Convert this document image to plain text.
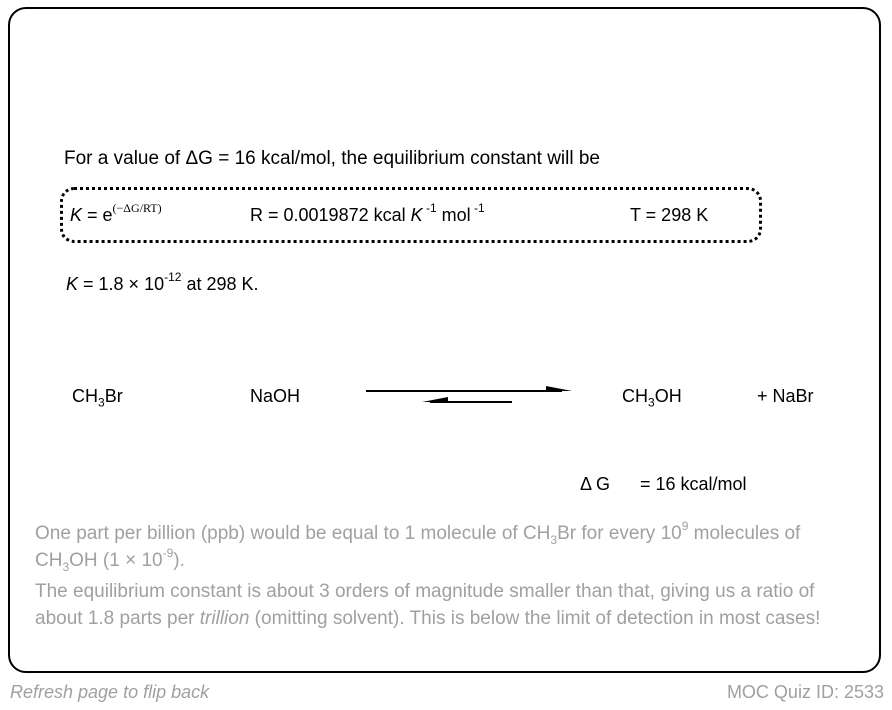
For a value of ΔG = 16 kcal/mol, the equilibrium constant will be
$K = e^{(-\Delta G/RT)}$	R = 0.0019872 kcal K $^{-1}$ mol $^{-1}$	T = 298 K
$K = 1.8 \times 10^{-12}$ at 298 K.
$CH_3Br$	NaOH	$CH_3OH$	+ NaBr
Δ G = 16 kcal/mol
One part per billion (ppb) would be equal to 1 molecule of $CH_3Br$ for every $10^9$ molecules of $CH_3OH$ $(1 \times 10^{-9})$.
The equilibrium constant is about 3 orders of magnitude smaller than that, giving us a ratio of about 1.8 parts per trillion (omitting solvent). This is below the limit of detection in most cases!
Refresh page to flip back	MOC Quiz ID: 2533
